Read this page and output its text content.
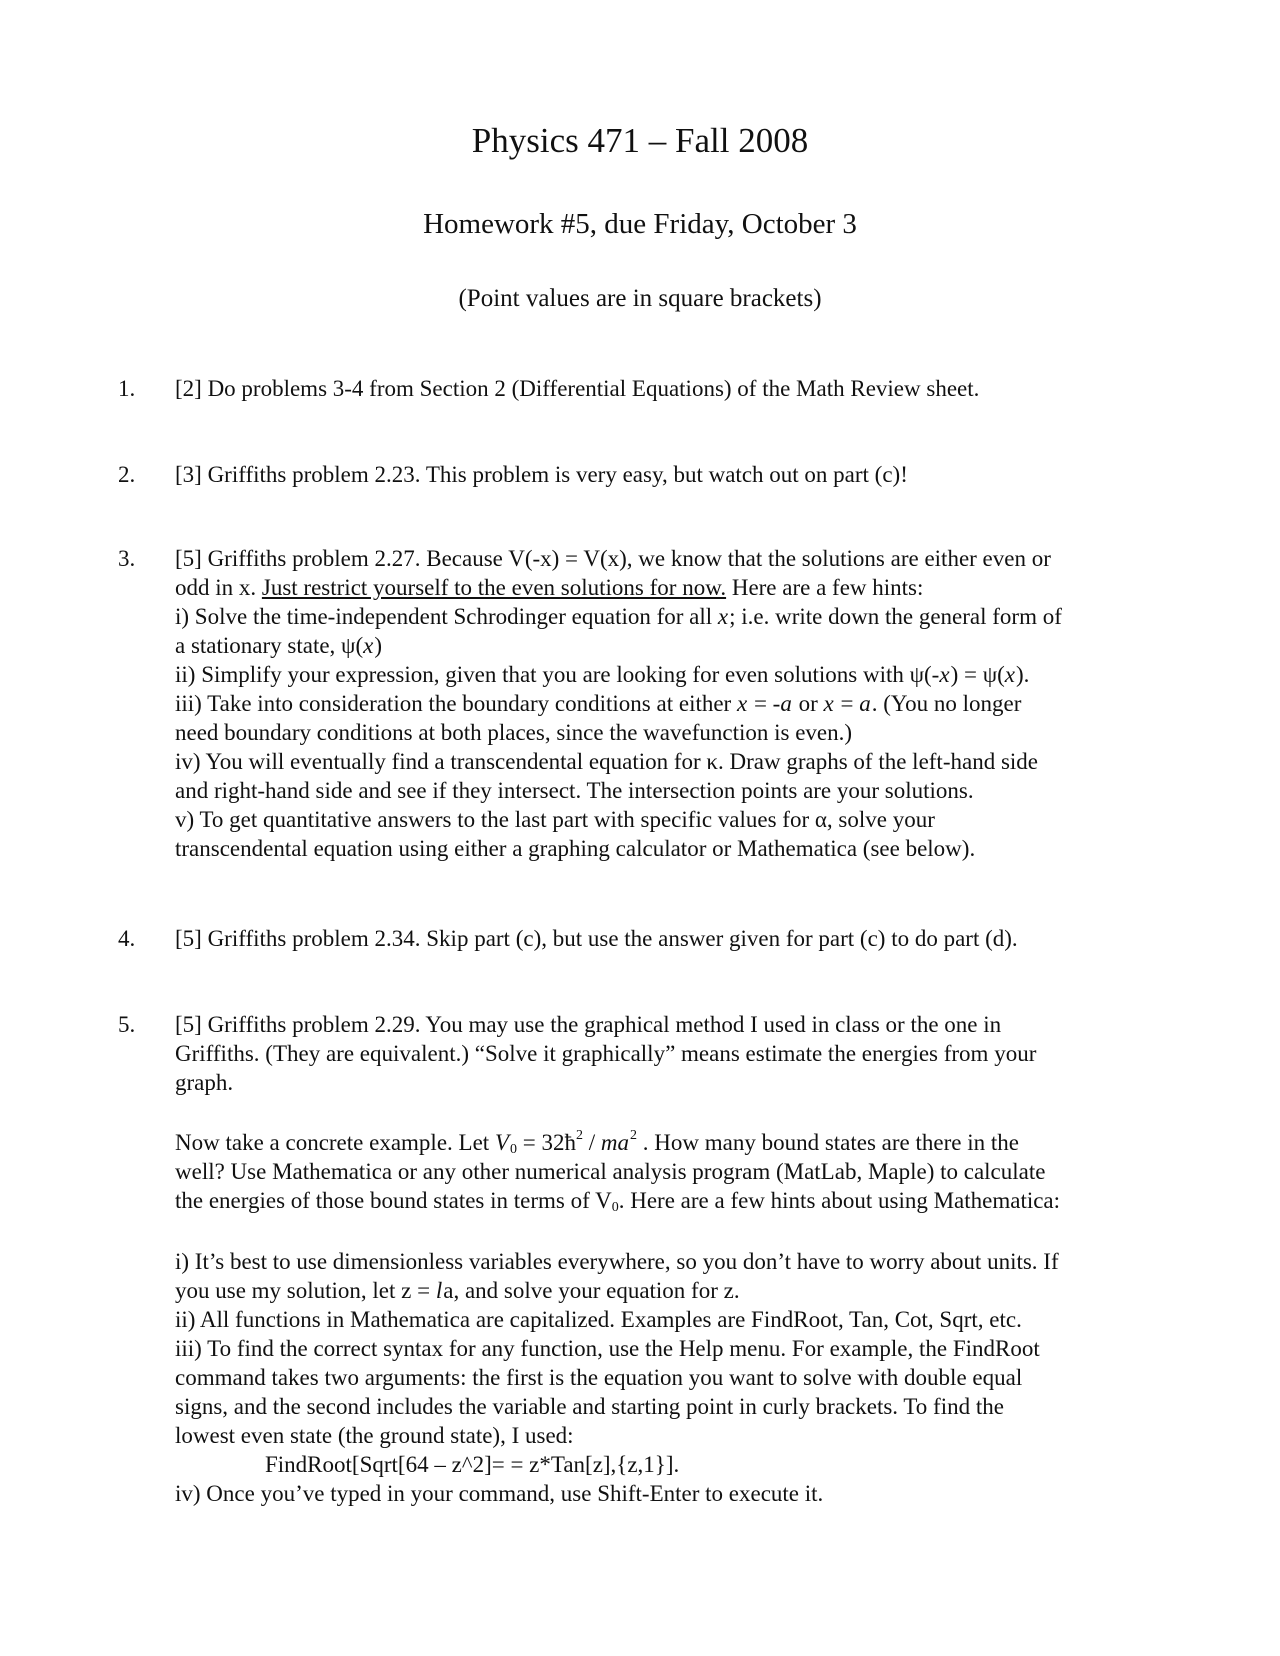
Physics 471 – Fall 2008
Homework #5, due Friday, October 3
(Point values are in square brackets)
1. [2] Do problems 3-4 from Section 2 (Differential Equations) of the Math Review sheet.
2. [3] Griffiths problem 2.23. This problem is very easy, but watch out on part (c)!
3. [5] Griffiths problem 2.27. Because V(-x) = V(x), we know that the solutions are either even or
odd in x. Just restrict yourself to the even solutions for now. Here are a few hints:
i) Solve the time-independent Schrodinger equation for all x; i.e. write down the general form of
a stationary state, ψ(x)
ii) Simplify your expression, given that you are looking for even solutions with ψ(-x) = ψ(x).
iii) Take into consideration the boundary conditions at either x = -a or x = a. (You no longer
need boundary conditions at both places, since the wavefunction is even.)
iv) You will eventually find a transcendental equation for κ. Draw graphs of the left-hand side
and right-hand side and see if they intersect. The intersection points are your solutions.
v) To get quantitative answers to the last part with specific values for α, solve your
transcendental equation using either a graphing calculator or Mathematica (see below).
4. [5] Griffiths problem 2.34. Skip part (c), but use the answer given for part (c) to do part (d).
5. [5] Griffiths problem 2.29. You may use the graphical method I used in class or the one in
Griffiths. (They are equivalent.) “Solve it graphically” means estimate the energies from your
graph.
Now take a concrete example. Let V0 = 32ħ2 / ma2 . How many bound states are there in the
well? Use Mathematica or any other numerical analysis program (MatLab, Maple) to calculate
the energies of those bound states in terms of V0. Here are a few hints about using Mathematica:
i) It’s best to use dimensionless variables everywhere, so you don’t have to worry about units. If
you use my solution, let z = la, and solve your equation for z.
ii) All functions in Mathematica are capitalized. Examples are FindRoot, Tan, Cot, Sqrt, etc.
iii) To find the correct syntax for any function, use the Help menu. For example, the FindRoot
command takes two arguments: the first is the equation you want to solve with double equal
signs, and the second includes the variable and starting point in curly brackets. To find the
lowest even state (the ground state), I used:
FindRoot[Sqrt[64 – z^2]= = z*Tan[z],{z,1}].
iv) Once you’ve typed in your command, use Shift-Enter to execute it.
